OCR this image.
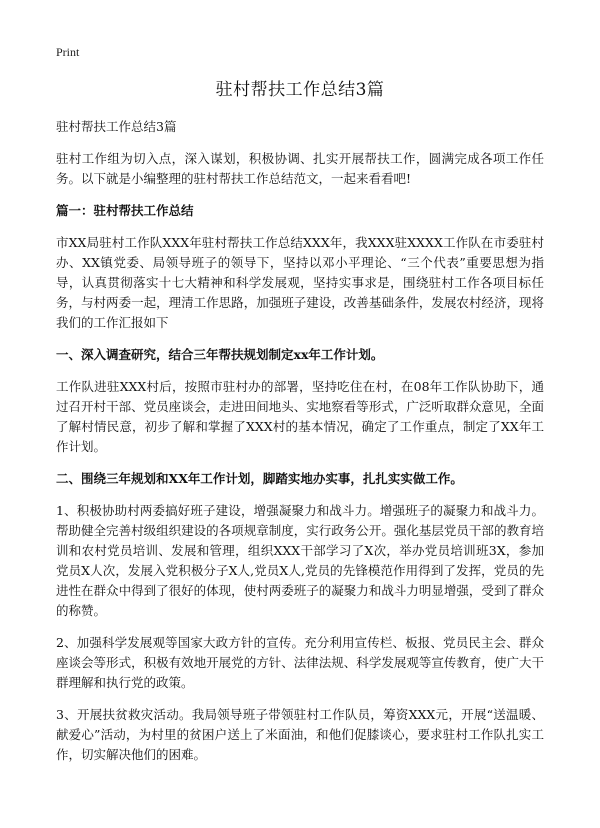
Print
驻村帮扶工作总结3篇

驻村帮扶工作总结3篇

驻村工作组为切入点，深入谋划，积极协调、扎实开展帮扶工作，圆满完成各项工作任务。以下就是小编整理的驻村帮扶工作总结范文，一起来看看吧!

篇一：驻村帮扶工作总结

市XX局驻村工作队XXX年驻村帮扶工作总结XXX年，我XXX驻XXXX工作队在市委驻村办、XX镇党委、局领导班子的领导下，坚持以邓小平理论、“三个代表”重要思想为指导，认真贯彻落实十七大精神和科学发展观，坚持实事求是，围绕驻村工作各项目标任务，与村两委一起，理清工作思路，加强班子建设，改善基础条件，发展农村经济，现将我们的工作汇报如下

一、深入调查研究，结合三年帮扶规划制定xx年工作计划。

工作队进驻XXX村后，按照市驻村办的部署，坚持吃住在村，在08年工作队协助下，通过召开村干部、党员座谈会，走进田间地头、实地察看等形式，广泛听取群众意见，全面了解村情民意，初步了解和掌握了XXX村的基本情况，确定了工作重点，制定了XX年工作计划。

二、围绕三年规划和XX年工作计划，脚踏实地办实事，扎扎实实做工作。

1、积极协助村两委搞好班子建设，增强凝聚力和战斗力。增强班子的凝聚力和战斗力。帮助健全完善村级组织建设的各项规章制度，实行政务公开。强化基层党员干部的教育培训和农村党员培训、发展和管理，组织XXX干部学习了X次，举办党员培训班3X，参加党员X人次，发展入党积极分子X人,党员X人,党员的先锋模范作用得到了发挥，党员的先进性在群众中得到了很好的体现，使村两委班子的凝聚力和战斗力明显增强，受到了群众的称赞。

2、加强科学发展观等国家大政方针的宣传。充分利用宣传栏、板报、党员民主会、群众座谈会等形式，积极有效地开展党的方针、法律法规、科学发展观等宣传教育，使广大干群理解和执行党的政策。

3、开展扶贫救灾活动。我局领导班子带领驻村工作队员，筹资XXX元，开展“送温暖、献爱心”活动，为村里的贫困户送上了米面油，和他们促膝谈心，要求驻村工作队扎实工作，切实解决他们的困难。
